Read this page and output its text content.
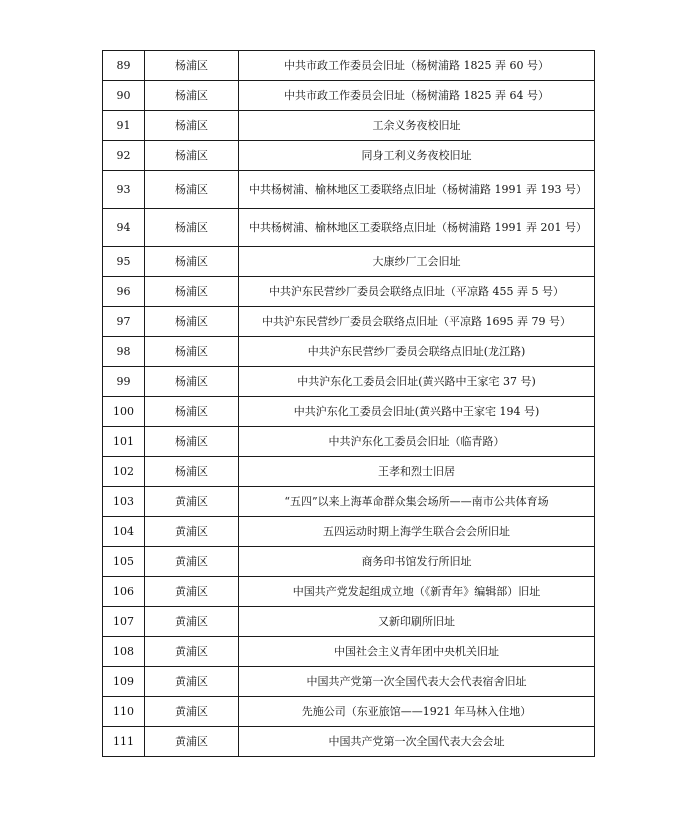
89	杨浦区	中共市政工作委员会旧址（杨树浦路 1825 弄 60 号）
90	杨浦区	中共市政工作委员会旧址（杨树浦路 1825 弄 64 号）
91	杨浦区	工余义务夜校旧址
92	杨浦区	同身工利义务夜校旧址
93	杨浦区	中共杨树浦、榆林地区工委联络点旧址（杨树浦路 1991 弄 193 号）
94	杨浦区	中共杨树浦、榆林地区工委联络点旧址（杨树浦路 1991 弄 201 号）
95	杨浦区	大康纱厂工会旧址
96	杨浦区	中共沪东民营纱厂委员会联络点旧址（平凉路 455 弄 5 号）
97	杨浦区	中共沪东民营纱厂委员会联络点旧址（平凉路 1695 弄 79 号）
98	杨浦区	中共沪东民营纱厂委员会联络点旧址(龙江路)
99	杨浦区	中共沪东化工委员会旧址(黄兴路中王家宅 37 号)
100	杨浦区	中共沪东化工委员会旧址(黄兴路中王家宅 194 号)
101	杨浦区	中共沪东化工委员会旧址（临青路）
102	杨浦区	王孝和烈士旧居
103	黄浦区	“五四”以来上海革命群众集会场所——南市公共体育场
104	黄浦区	五四运动时期上海学生联合会会所旧址
105	黄浦区	商务印书馆发行所旧址
106	黄浦区	中国共产党发起组成立地（《新青年》编辑部）旧址
107	黄浦区	又新印刷所旧址
108	黄浦区	中国社会主义青年团中央机关旧址
109	黄浦区	中国共产党第一次全国代表大会代表宿舍旧址
110	黄浦区	先施公司（东亚旅馆——1921 年马林入住地）
111	黄浦区	中国共产党第一次全国代表大会会址
